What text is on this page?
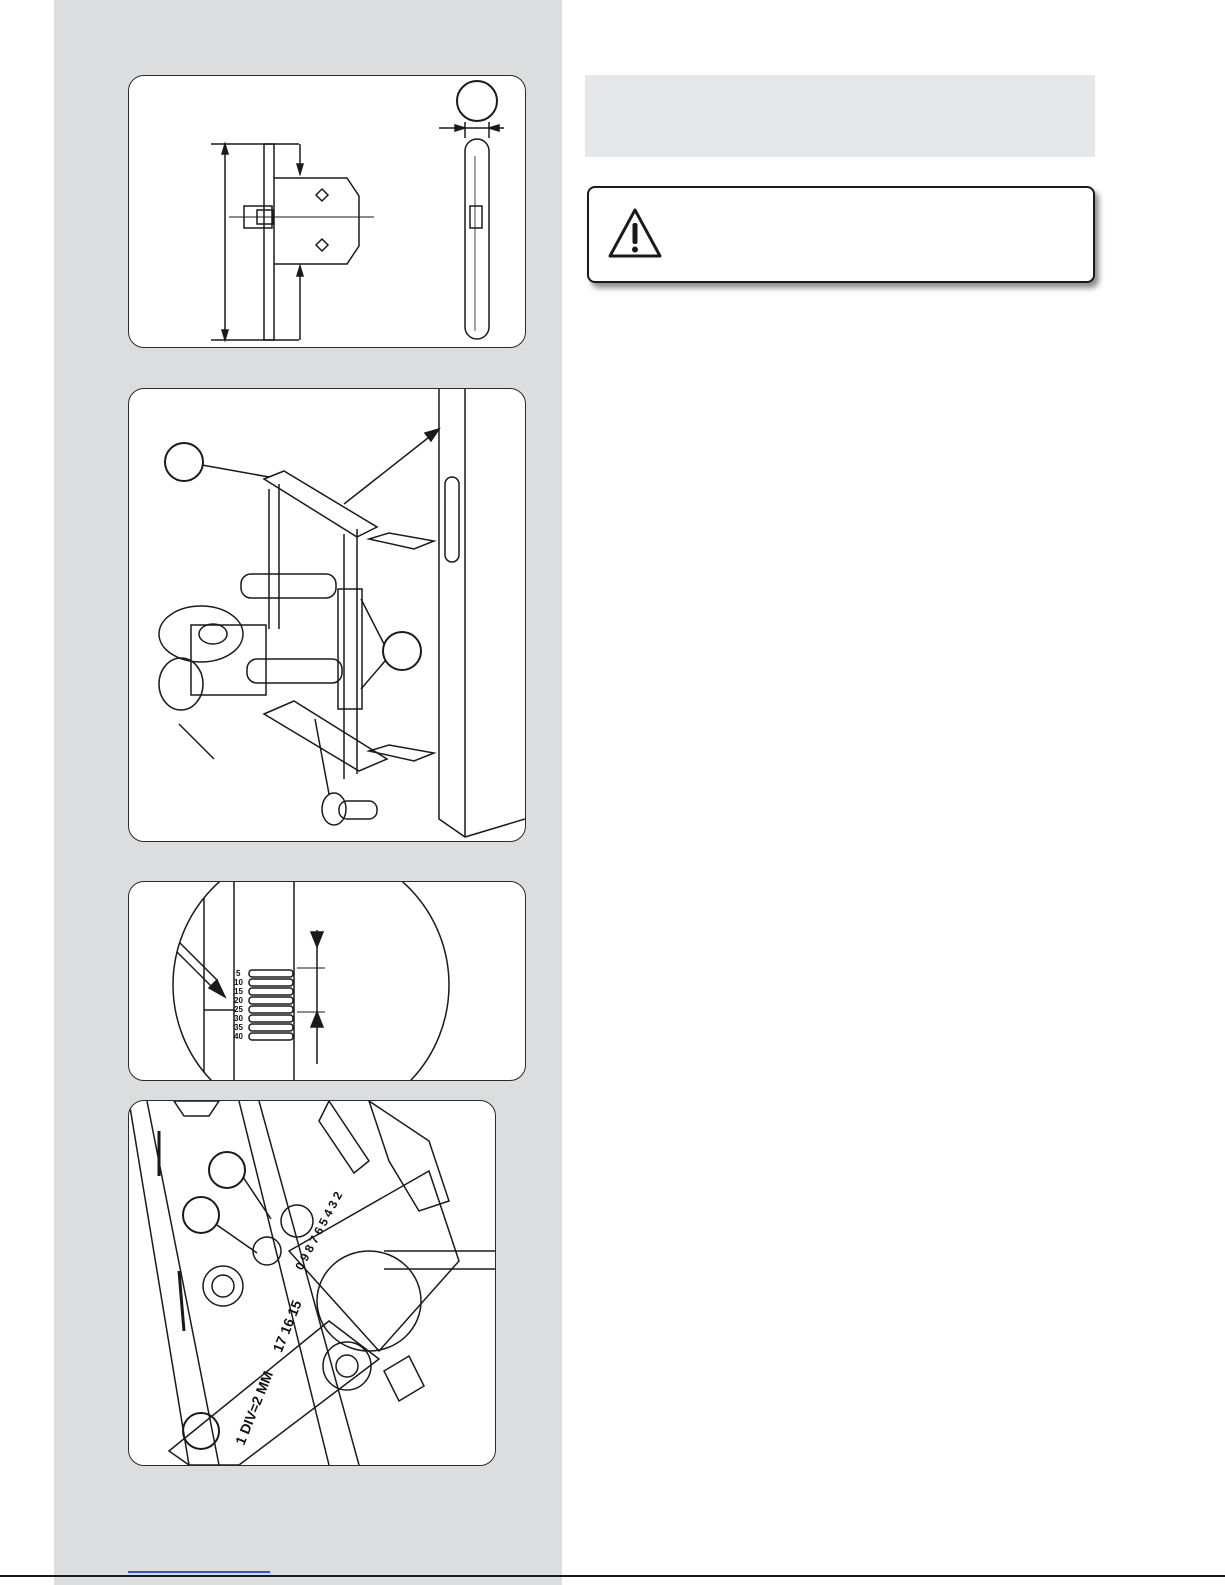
5
10
15
20
25
30
35
40
0
9
8
7
6
5
4
3
2
1 DIV=2 MM
17 16 15
